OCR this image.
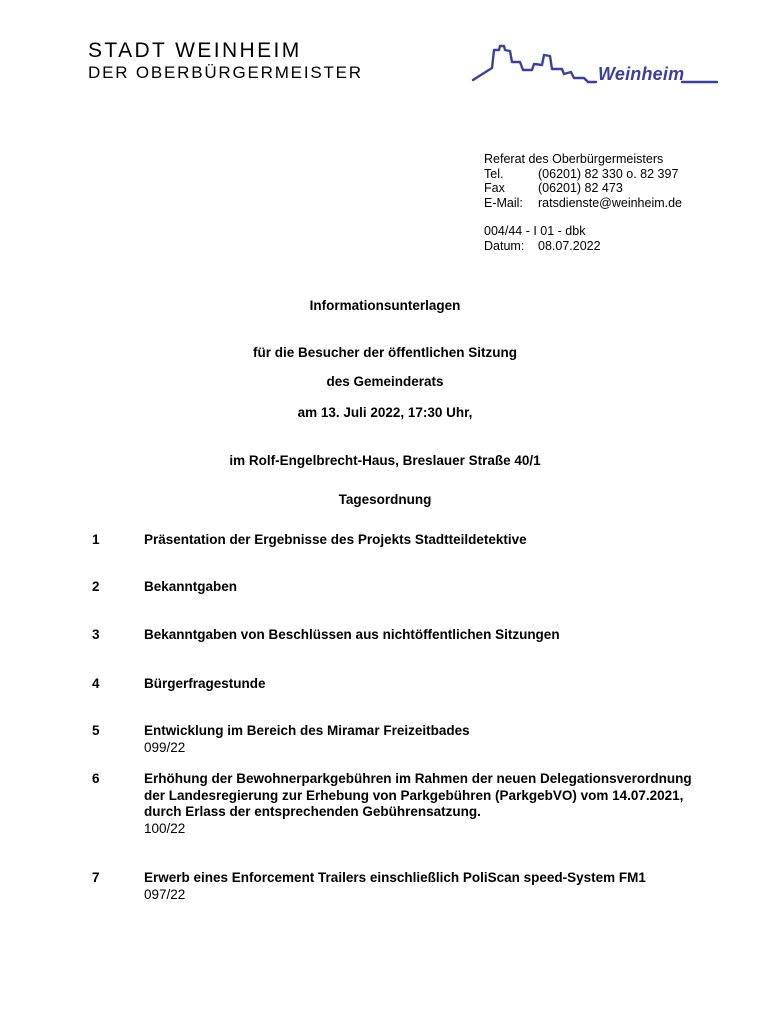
STADT WEINHEIM
DER OBERBÜRGERMEISTER	Weinheim
Referat des Oberbürgermeisters
Tel.	(06201) 82 330 o. 82 397
Fax	(06201) 82 473
E-Mail:	ratsdienste@weinheim.de
004/44 - I 01 - dbk
Datum:	08.07.2022
Informationsunterlagen
für die Besucher der öffentlichen Sitzung
des Gemeinderats
am 13. Juli 2022, 17:30 Uhr,
im Rolf-Engelbrecht-Haus, Breslauer Straße 40/1
Tagesordnung
1	Präsentation der Ergebnisse des Projekts Stadtteildetektive
2	Bekanntgaben
3	Bekanntgaben von Beschlüssen aus nichtöffentlichen Sitzungen
4	Bürgerfragestunde
5	Entwicklung im Bereich des Miramar Freizeitbades
099/22
6	Erhöhung der Bewohnerparkgebühren im Rahmen der neuen Delegationsverordnung der Landesregierung zur Erhebung von Parkgebühren (ParkgebVO) vom 14.07.2021, durch Erlass der entsprechenden Gebührensatzung.
100/22
7	Erwerb eines Enforcement Trailers einschließlich PoliScan speed-System FM1
097/22
